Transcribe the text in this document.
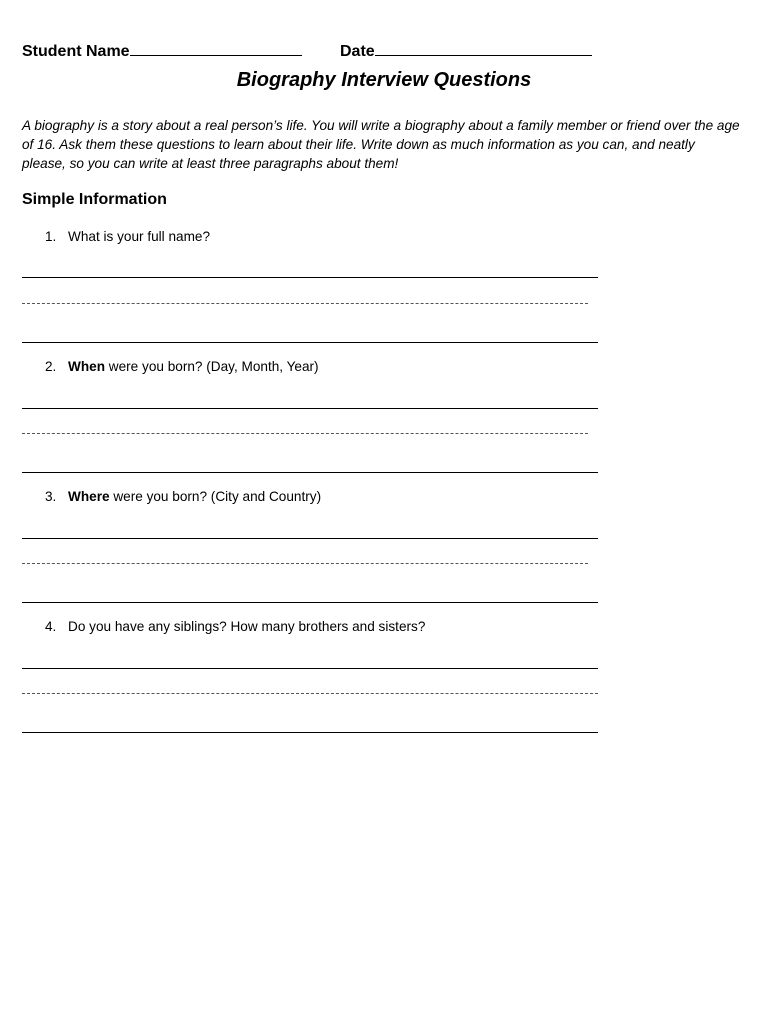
Student Name	Date
Biography Interview Questions

A biography is a story about a real person’s life. You will write a biography about a family member or friend over the age of 16. Ask them these questions to learn about their life. Write down as much information as you can, and neatly please, so you can write at least three paragraphs about them!

Simple Information
1. What is your full name?
2. When were you born? (Day, Month, Year)
3. Where were you born? (City and Country)
4. Do you have any siblings? How many brothers and sisters?
